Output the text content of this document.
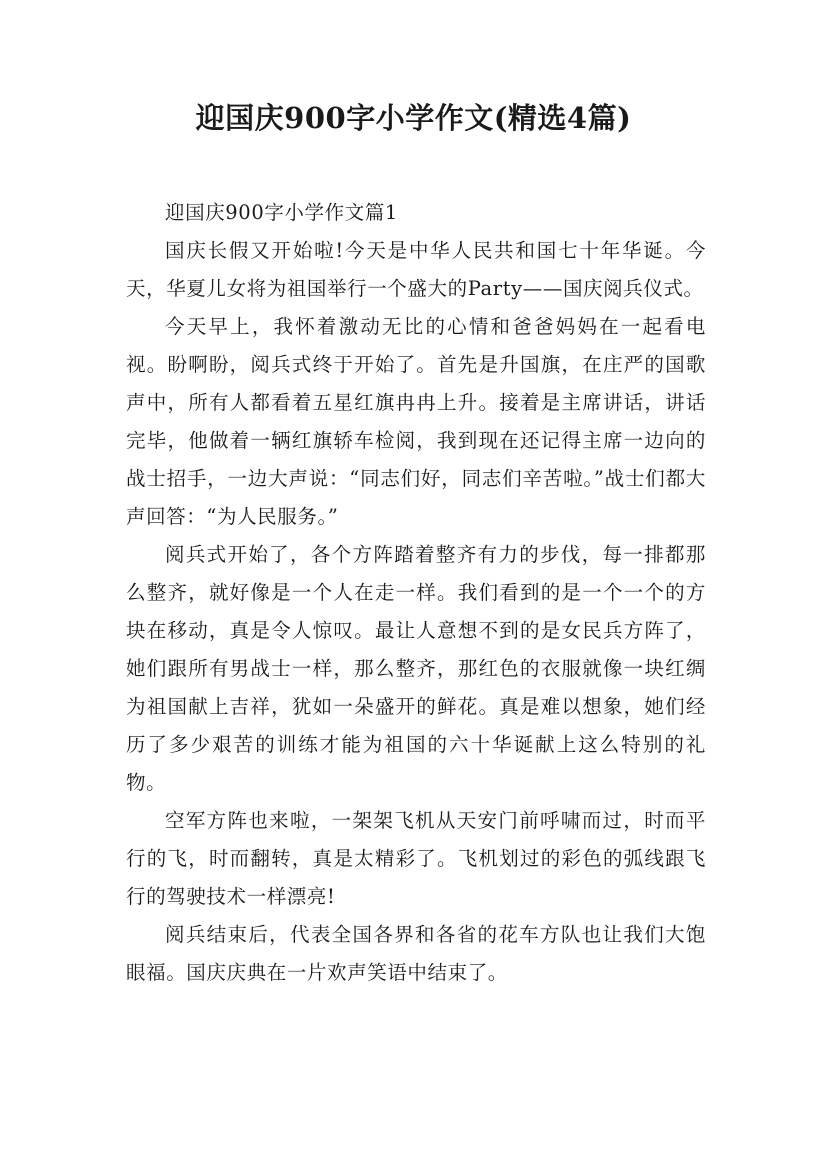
迎国庆900字小学作文(精选4篇)
迎国庆900字小学作文篇1

国庆长假又开始啦!今天是中华人民共和国七十年华诞。今天，华夏儿女将为祖国举行一个盛大的Party——国庆阅兵仪式。

今天早上，我怀着激动无比的心情和爸爸妈妈在一起看电视。盼啊盼，阅兵式终于开始了。首先是升国旗，在庄严的国歌声中，所有人都看着五星红旗冉冉上升。接着是主席讲话，讲话完毕，他做着一辆红旗轿车检阅，我到现在还记得主席一边向的战士招手，一边大声说：“同志们好，同志们辛苦啦。”战士们都大声回答：“为人民服务。”

阅兵式开始了，各个方阵踏着整齐有力的步伐，每一排都那么整齐，就好像是一个人在走一样。我们看到的是一个一个的方块在移动，真是令人惊叹。最让人意想不到的是女民兵方阵了，她们跟所有男战士一样，那么整齐，那红色的衣服就像一块红绸为祖国献上吉祥，犹如一朵盛开的鲜花。真是难以想象，她们经历了多少艰苦的训练才能为祖国的六十华诞献上这么特别的礼物。

空军方阵也来啦，一架架飞机从天安门前呼啸而过，时而平行的飞，时而翻转，真是太精彩了。飞机划过的彩色的弧线跟飞行的驾驶技术一样漂亮!

阅兵结束后，代表全国各界和各省的花车方队也让我们大饱眼福。国庆庆典在一片欢声笑语中结束了。
